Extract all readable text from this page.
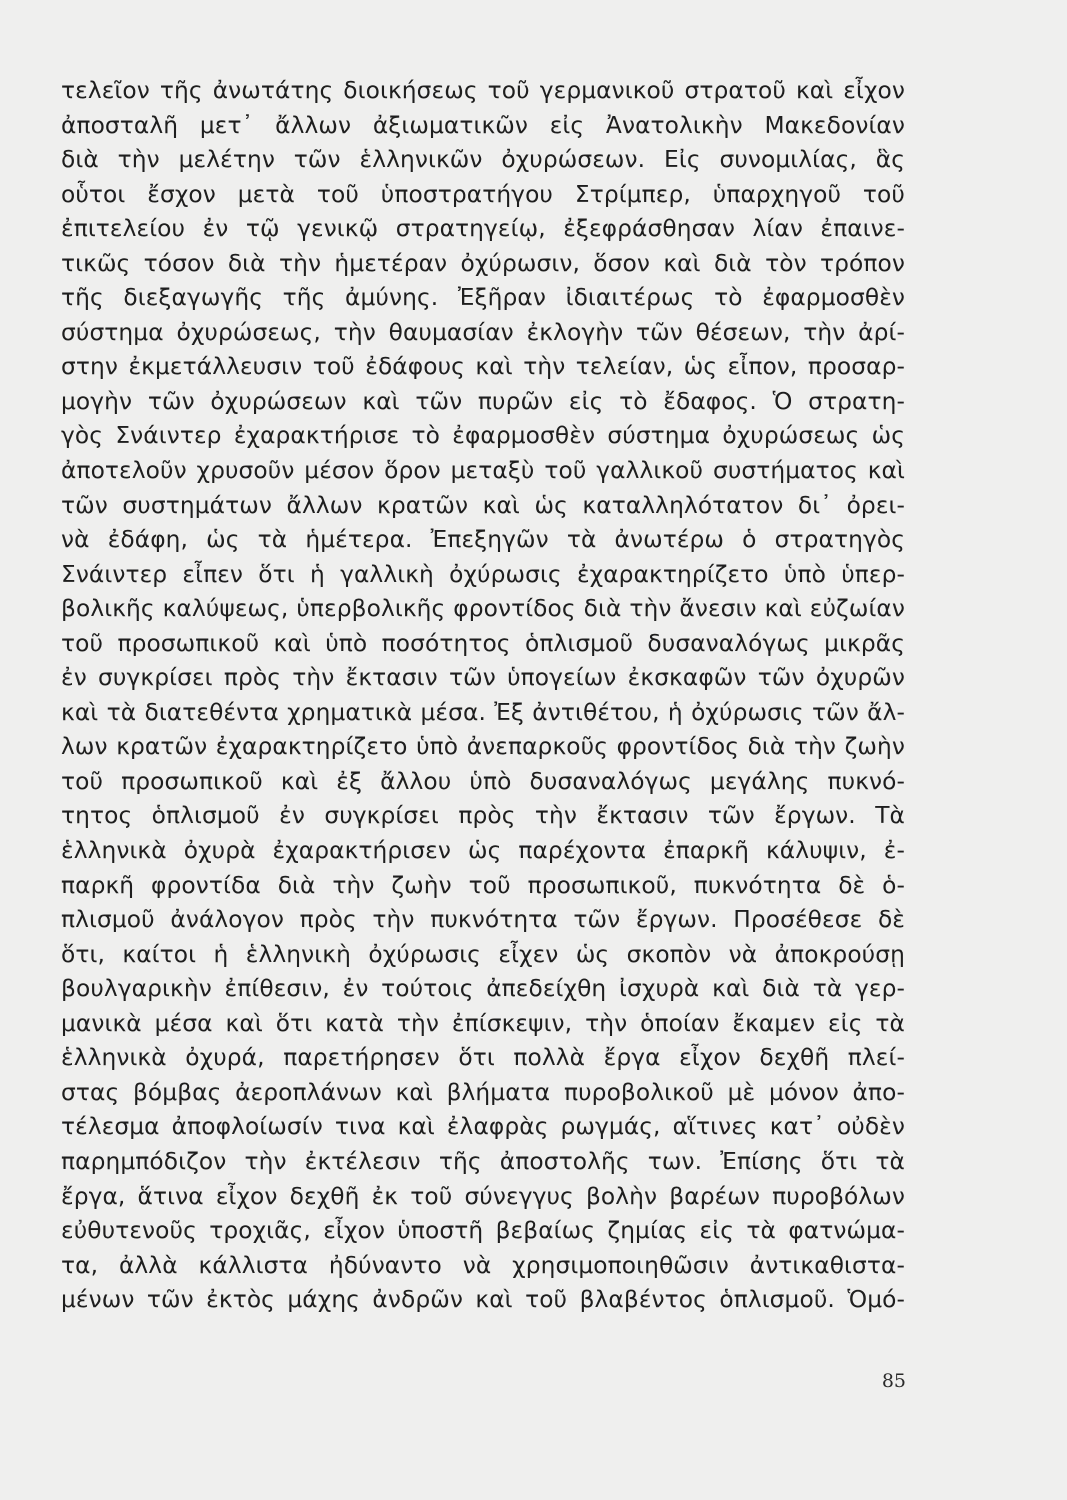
τελεῖον τῆς ἀνωτάτης διοικήσεως τοῦ γερμανικοῦ στρατοῦ καὶ εἶχον
ἀποσταλῆ μετ᾽ ἄλλων ἀξιωματικῶν εἰς Ἀνατολικὴν Μακεδονίαν
διὰ τὴν μελέτην τῶν ἑλληνικῶν ὀχυρώσεων. Εἰς συνομιλίας, ἃς
οὗτοι ἔσχον μετὰ τοῦ ὑποστρατήγου Στρίμπερ, ὑπαρχηγοῦ τοῦ
ἐπιτελείου ἐν τῷ γενικῷ στρατηγείῳ, ἐξεφράσθησαν λίαν ἐπαινε-
τικῶς τόσον διὰ τὴν ἡμετέραν ὀχύρωσιν, ὅσον καὶ διὰ τὸν τρόπον
τῆς διεξαγωγῆς τῆς ἀμύνης. Ἐξῆραν ἰδιαιτέρως τὸ ἐφαρμοσθὲν
σύστημα ὀχυρώσεως, τὴν θαυμασίαν ἐκλογὴν τῶν θέσεων, τὴν ἀρί-
στην ἐκμετάλλευσιν τοῦ ἐδάφους καὶ τὴν τελείαν, ὡς εἶπον, προσαρ-
μογὴν τῶν ὀχυρώσεων καὶ τῶν πυρῶν εἰς τὸ ἔδαφος. Ὁ στρατη-
γὸς Σνάιντερ ἐχαρακτήρισε τὸ ἐφαρμοσθὲν σύστημα ὀχυρώσεως ὡς
ἀποτελοῦν χρυσοῦν μέσον ὅρον μεταξὺ τοῦ γαλλικοῦ συστήματος καὶ
τῶν συστημάτων ἄλλων κρατῶν καὶ ὡς καταλληλότατον δι᾽ ὀρει-
νὰ ἐδάφη, ὡς τὰ ἡμέτερα. Ἐπεξηγῶν τὰ ἀνωτέρω ὁ στρατηγὸς
Σνάιντερ εἶπεν ὅτι ἡ γαλλικὴ ὀχύρωσις ἐχαρακτηρίζετο ὑπὸ ὑπερ-
βολικῆς καλύψεως, ὑπερβολικῆς φροντίδος διὰ τὴν ἄνεσιν καὶ εὐζωίαν
τοῦ προσωπικοῦ καὶ ὑπὸ ποσότητος ὁπλισμοῦ δυσαναλόγως μικρᾶς
ἐν συγκρίσει πρὸς τὴν ἔκτασιν τῶν ὑπογείων ἐκσκαφῶν τῶν ὀχυρῶν
καὶ τὰ διατεθέντα χρηματικὰ μέσα. Ἐξ ἀντιθέτου, ἡ ὀχύρωσις τῶν ἄλ-
λων κρατῶν ἐχαρακτηρίζετο ὑπὸ ἀνεπαρκοῦς φροντίδος διὰ τὴν ζωὴν
τοῦ προσωπικοῦ καὶ ἐξ ἄλλου ὑπὸ δυσαναλόγως μεγάλης πυκνό-
τητος ὁπλισμοῦ ἐν συγκρίσει πρὸς τὴν ἔκτασιν τῶν ἔργων. Τὰ
ἑλληνικὰ ὀχυρὰ ἐχαρακτήρισεν ὡς παρέχοντα ἐπαρκῆ κάλυψιν, ἐ-
παρκῆ φροντίδα διὰ τὴν ζωὴν τοῦ προσωπικοῦ, πυκνότητα δὲ ὁ-
πλισμοῦ ἀνάλογον πρὸς τὴν πυκνότητα τῶν ἔργων. Προσέθεσε δὲ
ὅτι, καίτοι ἡ ἑλληνικὴ ὀχύρωσις εἶχεν ὡς σκοπὸν νὰ ἀποκρούσῃ
βουλγαρικὴν ἐπίθεσιν, ἐν τούτοις ἀπεδείχθη ἰσχυρὰ καὶ διὰ τὰ γερ-
μανικὰ μέσα καὶ ὅτι κατὰ τὴν ἐπίσκεψιν, τὴν ὁποίαν ἔκαμεν εἰς τὰ
ἑλληνικὰ ὀχυρά, παρετήρησεν ὅτι πολλὰ ἔργα εἶχον δεχθῆ πλεί-
στας βόμβας ἀεροπλάνων καὶ βλήματα πυροβολικοῦ μὲ μόνον ἀπο-
τέλεσμα ἀποφλοίωσίν τινα καὶ ἐλαφρὰς ρωγμάς, αἵτινες κατ᾽ οὐδὲν
παρημπόδιζον τὴν ἐκτέλεσιν τῆς ἀποστολῆς των. Ἐπίσης ὅτι τὰ
ἔργα, ἅτινα εἶχον δεχθῆ ἐκ τοῦ σύνεγγυς βολὴν βαρέων πυροβόλων
εὐθυτενοῦς τροχιᾶς, εἶχον ὑποστῆ βεβαίως ζημίας εἰς τὰ φατνώμα-
τα, ἀλλὰ κάλλιστα ἠδύναντο νὰ χρησιμοποιηθῶσιν ἀντικαθιστα-
μένων τῶν ἐκτὸς μάχης ἀνδρῶν καὶ τοῦ βλαβέντος ὁπλισμοῦ. Ὁμό-
85
